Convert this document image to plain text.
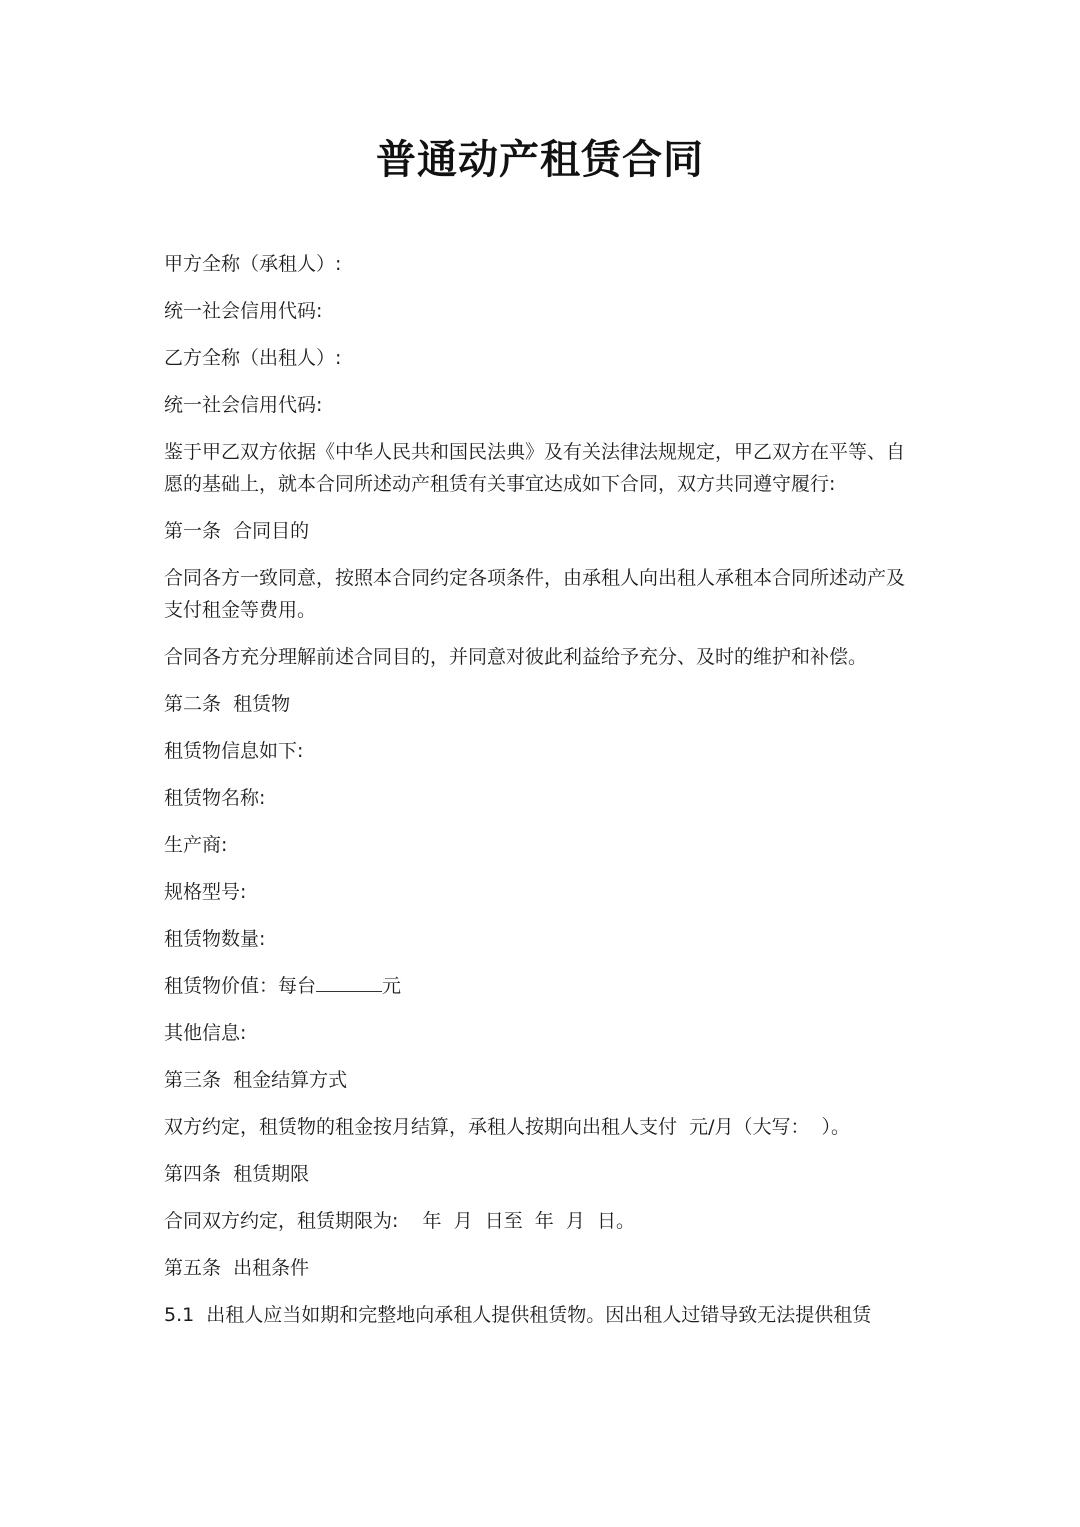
普通动产租赁合同

甲方全称（承租人）:

统一社会信用代码:

乙方全称（出租人）:

统一社会信用代码:

鉴于甲乙双方依据《中华人民共和国民法典》及有关法律法规规定，甲乙双方在平等、自愿的基础上，就本合同所述动产租赁有关事宜达成如下合同，双方共同遵守履行:

第一条  合同目的

合同各方一致同意，按照本合同约定各项条件，由承租人向出租人承租本合同所述动产及支付租金等费用。

合同各方充分理解前述合同目的，并同意对彼此利益给予充分、及时的维护和补偿。

第二条  租赁物

租赁物信息如下:

租赁物名称:

生产商:

规格型号:

租赁物数量:

租赁物价值：每台	元

其他信息:

第三条  租金结算方式

双方约定，租赁物的租金按月结算，承租人按期向出租人支付  元/月（大写：  ）。

第四条  租赁期限

合同双方约定，租赁期限为:    年  月  日至  年  月  日。

第五条  出租条件

5.1  出租人应当如期和完整地向承租人提供租赁物。因出租人过错导致无法提供租赁
